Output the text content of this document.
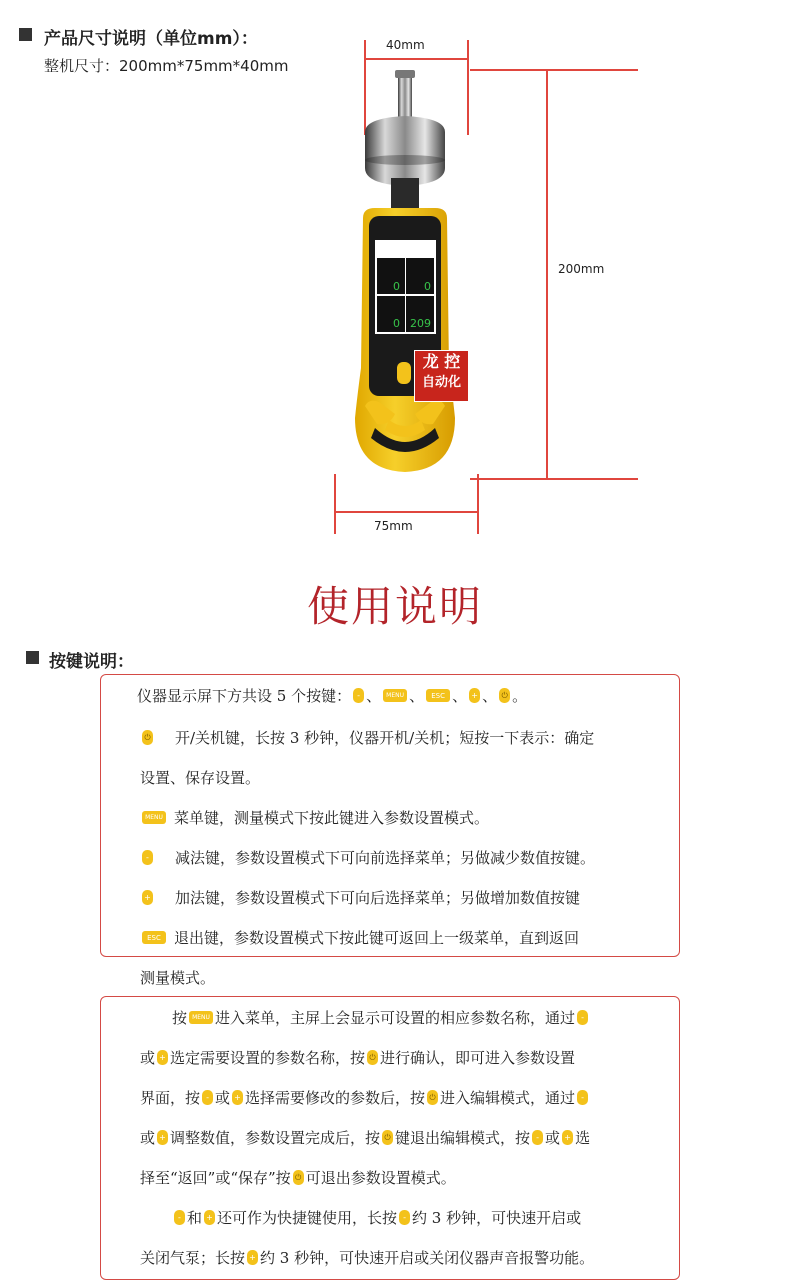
产品尺寸说明（单位mm）：
整机尺寸：200mm*75mm*40mm
40mm
200mm
75mm
0 0
0 209
龙 控
自动化
使用说明
按键说明：
仪器显示屏下方共设 5 个按键： - 、 MENU 、	ESC 、 + 、 ⏻ 。
⏻ 开/关机键，长按 3 秒钟，仪器开机/关机；短按一下表示：确定
设置、保存设置。
MENU 菜单键，测量模式下按此键进入参数设置模式。
- 减法键，参数设置模式下可向前选择菜单；另做减少数值按键。
+ 加法键，参数设置模式下可向后选择菜单；另做增加数值按键
ESC 退出键，参数设置模式下按此键可返回上一级菜单，直到返回
测量模式。
按 MENU 进入菜单，主屏上会显示可设置的相应参数名称，通过 -
或 + 选定需要设置的参数名称，按 ⏻ 进行确认，即可进入参数设置
界面，按 - 或 + 选择需要修改的参数后，按 ⏻ 进入编辑模式，通过 -
或 + 调整数值，参数设置完成后，按 ⏻ 键退出编辑模式，按 - 或 + 选
择至“返回”或“保存”按 ⏻ 可退出参数设置模式。
- 和 + 还可作为快捷键使用，长按 - 约 3 秒钟，可快速开启或
关闭气泵；长按 + 约 3 秒钟，可快速开启或关闭仪器声音报警功能。
